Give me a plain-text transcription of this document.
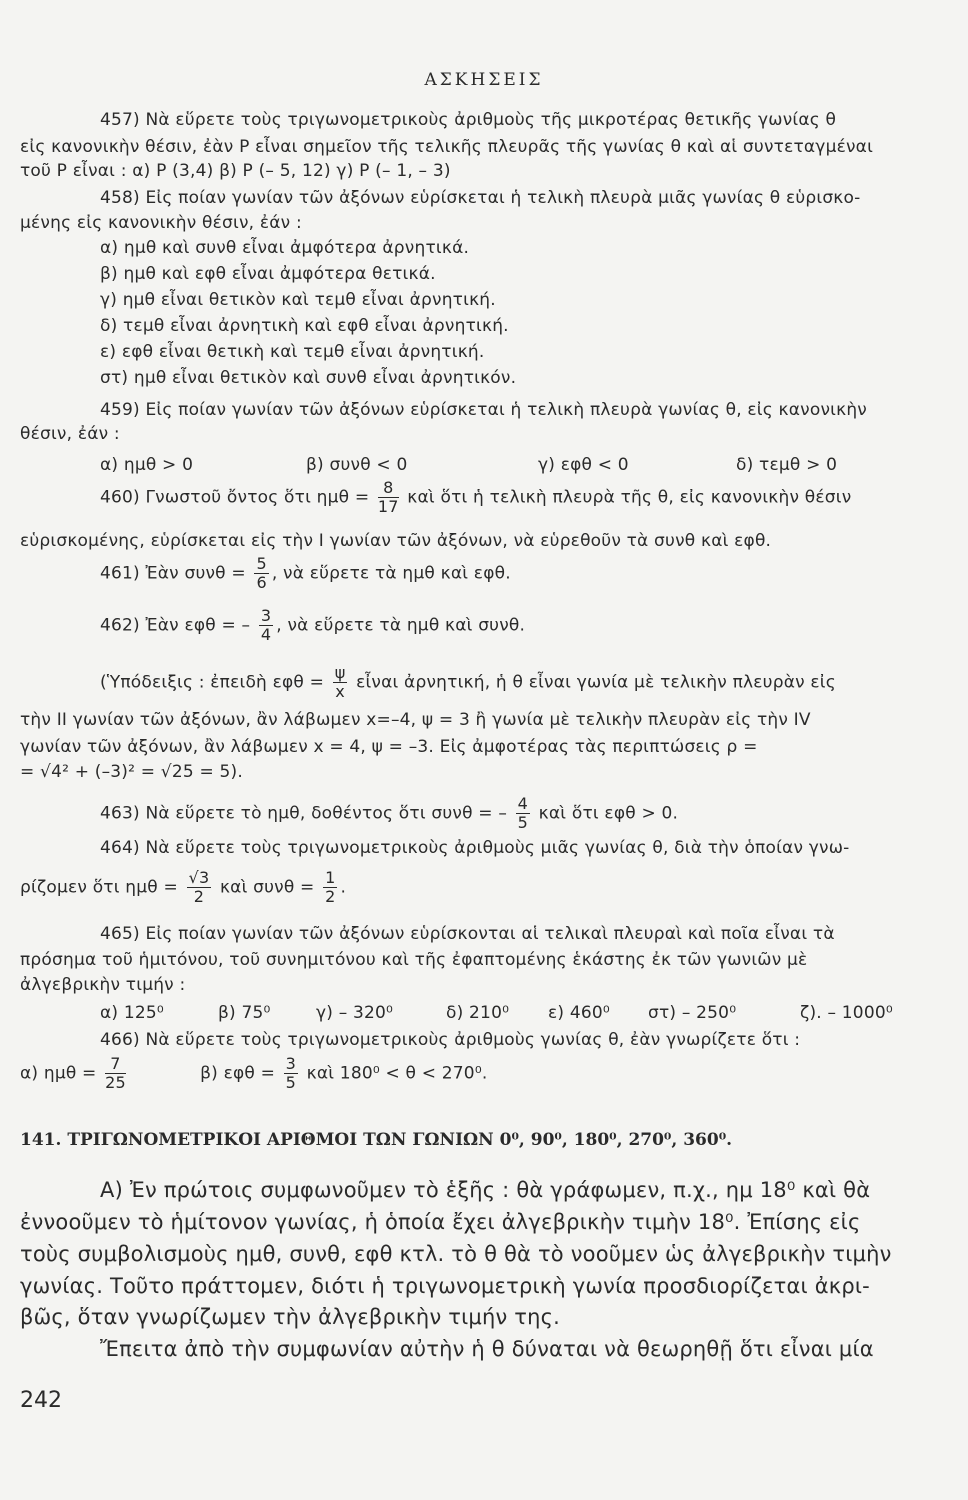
ΑΣΚΗΣΕΙΣ
457) Νὰ εὕρετε τοὺς τριγωνομετρικοὺς ἀριθμοὺς τῆς μικροτέρας θετικῆς γωνίας θ
εἰς κανονικὴν θέσιν, ἐὰν P εἶναι σημεῖον τῆς τελικῆς πλευρᾶς τῆς γωνίας θ καὶ αἱ συντεταγμέναι
τοῦ P εἶναι : α) P (3,4) β) P (– 5, 12) γ) P (– 1, – 3)
458) Εἰς ποίαν γωνίαν τῶν ἀξόνων εὑρίσκεται ἡ τελικὴ πλευρὰ μιᾶς γωνίας θ εὑρισκο-
μένης εἰς κανονικὴν θέσιν, ἐάν :
α) ημθ καὶ συνθ εἶναι ἀμφότερα ἀρνητικά.
β) ημθ καὶ εφθ εἶναι ἀμφότερα θετικά.
γ) ημθ εἶναι θετικὸν καὶ τεμθ εἶναι ἀρνητική.
δ) τεμθ εἶναι ἀρνητικὴ καὶ εφθ εἶναι ἀρνητική.
ε) εφθ εἶναι θετικὴ καὶ τεμθ εἶναι ἀρνητική.
στ) ημθ εἶναι θετικὸν καὶ συνθ εἶναι ἀρνητικόν.
459) Εἰς ποίαν γωνίαν τῶν ἀξόνων εὑρίσκεται ἡ τελικὴ πλευρὰ γωνίας θ, εἰς κανονικὴν
θέσιν, ἐάν :
α) ημθ > 0	β) συνθ < 0	γ) εφθ < 0	δ) τεμθ > 0
460) Γνωστοῦ ὄντος ὅτι $\eta\mu\theta = \frac{8}{17}$ καὶ ὅτι ἡ τελικὴ πλευρὰ τῆς θ, εἰς κανονικὴν θέσιν
εὑρισκομένης, εὑρίσκεται εἰς τὴν I γωνίαν τῶν ἀξόνων, νὰ εὑρεθοῦν τὰ συνθ καὶ εφθ.
461) Ἐὰν $\sigma\upsilon\nu\theta = \frac{5}{6}$ , νὰ εὕρετε τὰ ημθ καὶ εφθ.
462) Ἐὰν εφθ = – $\frac{3}{4}$ , νὰ εὕρετε τὰ ημθ καὶ συνθ.
(Ὑπόδειξις : ἐπειδὴ $\varepsilon\varphi\theta = \frac{\psi}{x}$ εἶναι ἀρνητική, ἡ θ εἶναι γωνία μὲ τελικὴν πλευρὰν εἰς
τὴν II γωνίαν τῶν ἀξόνων, ἂν λάβωμεν x=–4, ψ = 3 ἢ γωνία μὲ τελικὴν πλευρὰν εἰς τὴν IV
γωνίαν τῶν ἀξόνων, ἂν λάβωμεν x = 4, ψ = –3. Εἰς ἀμφοτέρας τὰς περιπτώσεις ρ =
= √4² + (–3)² = √25 = 5).
463) Νὰ εὕρετε τὸ ημθ, δοθέντος ὅτι συνθ = – $\frac{4}{5}$ καὶ ὅτι εφθ > 0.
464) Νὰ εὕρετε τοὺς τριγωνομετρικοὺς ἀριθμοὺς μιᾶς γωνίας θ, διὰ τὴν ὁποίαν γνω-
ρίζομεν ὅτι $\eta\mu\theta = \frac{√3}{2}$ καὶ $\sigma\upsilon\nu\theta = \frac{1}{2}$ .
465) Εἰς ποίαν γωνίαν τῶν ἀξόνων εὑρίσκονται αἱ τελικαὶ πλευραὶ καὶ ποῖα εἶναι τὰ
πρόσημα τοῦ ἡμιτόνου, τοῦ συνημιτόνου καὶ τῆς ἐφαπτομένης ἑκάστης ἐκ τῶν γωνιῶν μὲ
ἀλγεβρικὴν τιμήν :
α) 125⁰	β) 75⁰	γ) – 320⁰	δ) 210⁰ ε) 460⁰ στ) – 250⁰	ζ). – 1000⁰
466) Νὰ εὕρετε τοὺς τριγωνομετρικοὺς ἀριθμοὺς γωνίας θ, ἐὰν γνωρίζετε ὅτι :
α) $\eta\mu\theta = \frac{7}{25}$	β) $\varepsilon\varphi\theta = \frac{3}{5}$ καὶ 180⁰ < θ < 270⁰.
141. ΤΡΙΓΩΝΟΜΕΤΡΙΚΟΙ ΑΡΙΘΜΟΙ ΤΩΝ ΓΩΝΙΩΝ 0⁰, 90⁰, 180⁰, 270⁰, 360⁰.
Α) Ἐν πρώτοις συμφωνοῦμεν τὸ ἑξῆς : θὰ γράφωμεν, π.χ., ημ 18⁰ καὶ θὰ
ἐννοοῦμεν τὸ ἡμίτονον γωνίας, ἡ ὁποία ἔχει ἀλγεβρικὴν τιμὴν 18⁰. Ἐπίσης εἰς
τοὺς συμβολισμοὺς ημθ, συνθ, εφθ κτλ. τὸ θ θὰ τὸ νοοῦμεν ὡς ἀλγεβρικὴν τιμὴν
γωνίας. Τοῦτο πράττομεν, διότι ἡ τριγωνομετρικὴ γωνία προσδιορίζεται ἀκρι-
βῶς, ὅταν γνωρίζωμεν τὴν ἀλγεβρικὴν τιμήν της.
Ἔπειτα ἀπὸ τὴν συμφωνίαν αὐτὴν ἡ θ δύναται νὰ θεωρηθῇ ὅτι εἶναι μία
242
